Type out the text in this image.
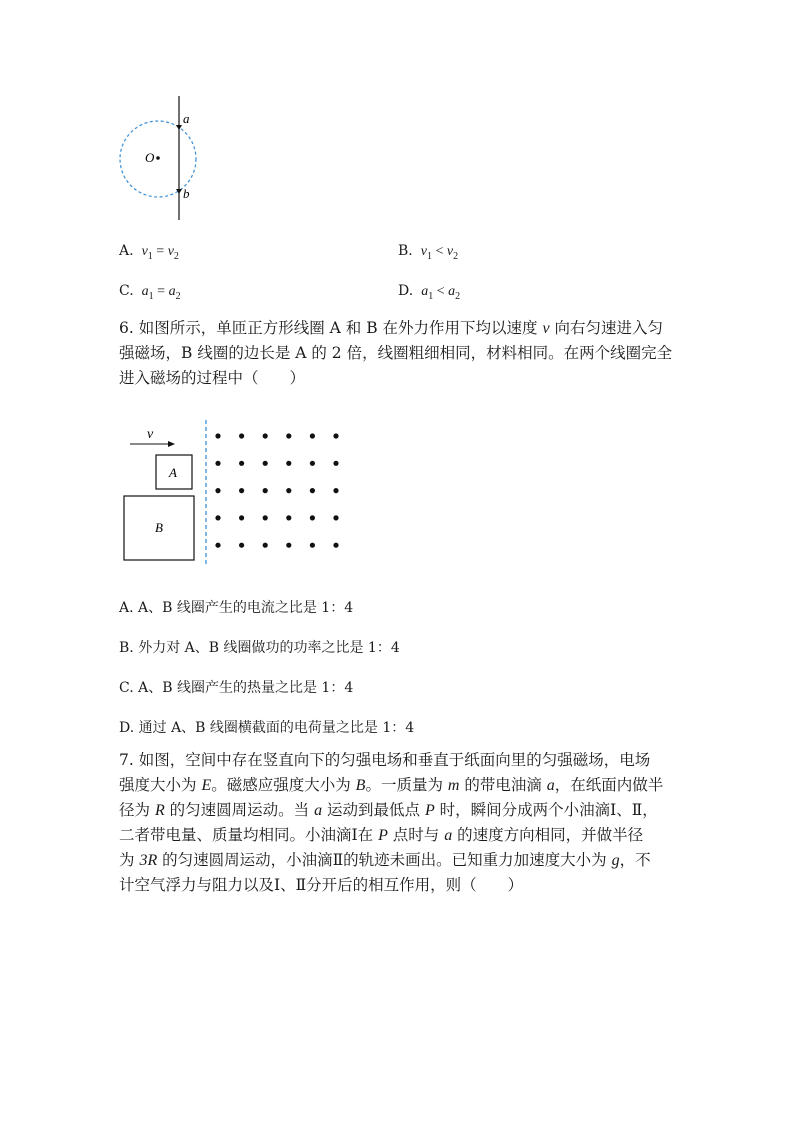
O
a
b
A. $v_1 = v_2$	B. $v_1 < v_2$
C. $a_1 = a_2$	D. $a_1 < a_2$
6. 如图所示，单匝正方形线圈 A 和 B 在外力作用下均以速度 v 向右匀速进入匀
强磁场，B 线圈的边长是 A 的 2 倍，线圈粗细相同，材料相同。在两个线圈完全
进入磁场的过程中（　　）
v
A
B
A. A、B 线圈产生的电流之比是 1：4
B. 外力对 A、B 线圈做功的功率之比是 1：4
C. A、B 线圈产生的热量之比是 1：4
D. 通过 A、B 线圈横截面的电荷量之比是 1：4
7. 如图，空间中存在竖直向下的匀强电场和垂直于纸面向里的匀强磁场，电场
强度大小为 E。磁感应强度大小为 B。一质量为 m 的带电油滴 a，在纸面内做半
径为 R 的匀速圆周运动。当 a 运动到最低点 P 时，瞬间分成两个小油滴Ⅰ、Ⅱ，
二者带电量、质量均相同。小油滴Ⅰ在 P 点时与 a 的速度方向相同，并做半径
为 3R 的匀速圆周运动，小油滴Ⅱ的轨迹未画出。已知重力加速度大小为 g，不
计空气浮力与阻力以及Ⅰ、Ⅱ分开后的相互作用，则（　　）
